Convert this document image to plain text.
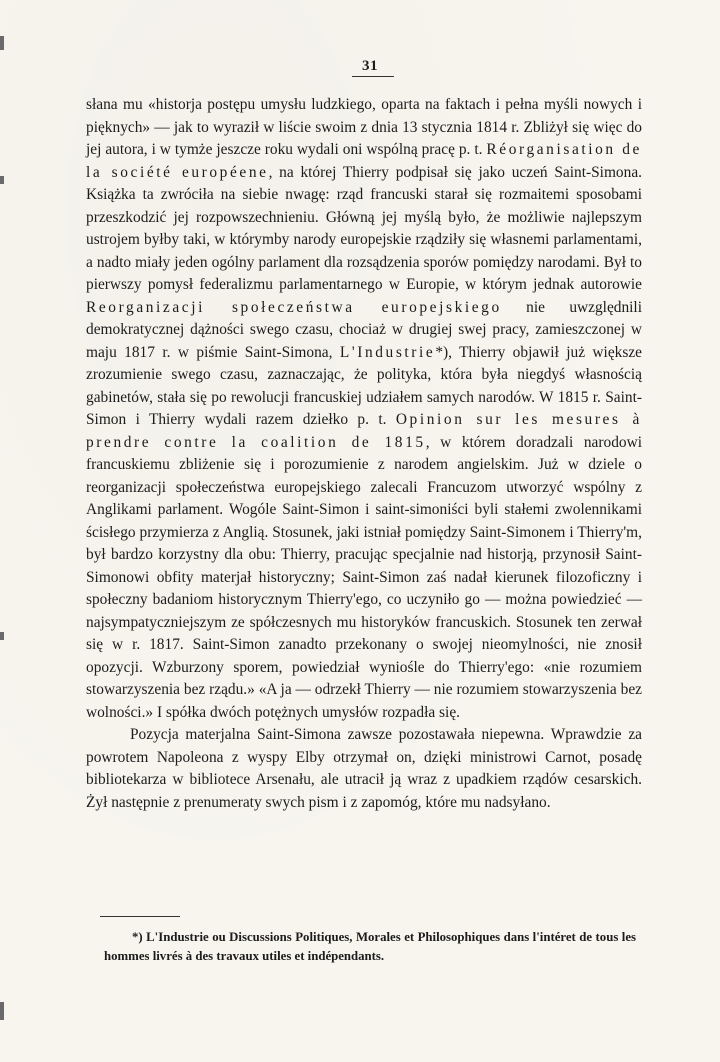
31

słana mu «historja postępu umysłu ludzkiego, oparta na faktach i pełna myśli nowych i pięknych» — jak to wyraził w liście swoim z dnia 13 stycznia 1814 r. Zbliżył się więc do jej autora, i w tymże jeszcze roku wydali oni wspólną pracę p. t. Réorganisation de la société européene, na której Thierry podpisał się jako uczeń Saint-Simona. Książka ta zwróciła na siebie nwagę: rząd francuski starał się rozmaitemi sposobami przeszkodzić jej rozpowszechnieniu. Główną jej myślą było, że możliwie najlepszym ustrojem byłby taki, w którymby narody europejskie rządziły się własnemi parlamentami, a nadto miały jeden ogólny parlament dla rozsądzenia sporów pomiędzy narodami. Był to pierwszy pomysł federalizmu parlamentarnego w Europie, w którym jednak autorowie Reorganizacji społeczeństwa europejskiego nie uwzględnili demokratycznej dążności swego czasu, chociaż w drugiej swej pracy, zamieszczonej w maju 1817 r. w piśmie Saint-Simona, L'Industrie*), Thierry objawił już większe zrozumienie swego czasu, zaznaczając, że polityka, która była niegdyś własnością gabinetów, stała się po rewolucji francuskiej udziałem samych narodów. W 1815 r. Saint-Simon i Thierry wydali razem dziełko p. t. Opinion sur les mesures à prendre contre la coalition de 1815, w którem doradzali narodowi francuskiemu zbliżenie się i porozumienie z narodem angielskim. Już w dziele o reorganizacji społeczeństwa europejskiego zalecali Francuzom utworzyć wspólny z Anglikami parlament. Wogóle Saint-Simon i saint-simoniści byli stałemi zwolennikami ścisłego przymierza z Anglią. Stosunek, jaki istniał pomiędzy Saint-Simonem i Thierry'm, był bardzo korzystny dla obu: Thierry, pracując specjalnie nad historją, przynosił Saint-Simonowi obfity materjał historyczny; Saint-Simon zaś nadał kierunek filozoficzny i społeczny badaniom historycznym Thierry'ego, co uczyniło go — można powiedzieć — najsympatyczniejszym ze spółczesnych mu historyków francuskich. Stosunek ten zerwał się w r. 1817. Saint-Simon zanadto przekonany o swojej nieomylności, nie znosił opozycji. Wzburzony sporem, powiedział wyniośle do Thierry'ego: «nie rozumiem stowarzyszenia bez rządu.» «A ja — odrzekł Thierry — nie rozumiem stowarzyszenia bez wolności.» I spółka dwóch potężnych umysłów rozpadła się.

Pozycja materjalna Saint-Simona zawsze pozostawała niepewna. Wprawdzie za powrotem Napoleona z wyspy Elby otrzymał on, dzięki ministrowi Carnot, posadę bibliotekarza w bibliotece Arsenału, ale utracił ją wraz z upadkiem rządów cesarskich. Żył następnie z prenumeraty swych pism i z zapomóg, które mu nadsyłano.

*) L'Industrie ou Discussions Politiques, Morales et Philosophiques dans l'intéret de tous les hommes livrés à des travaux utiles et indépendants.
